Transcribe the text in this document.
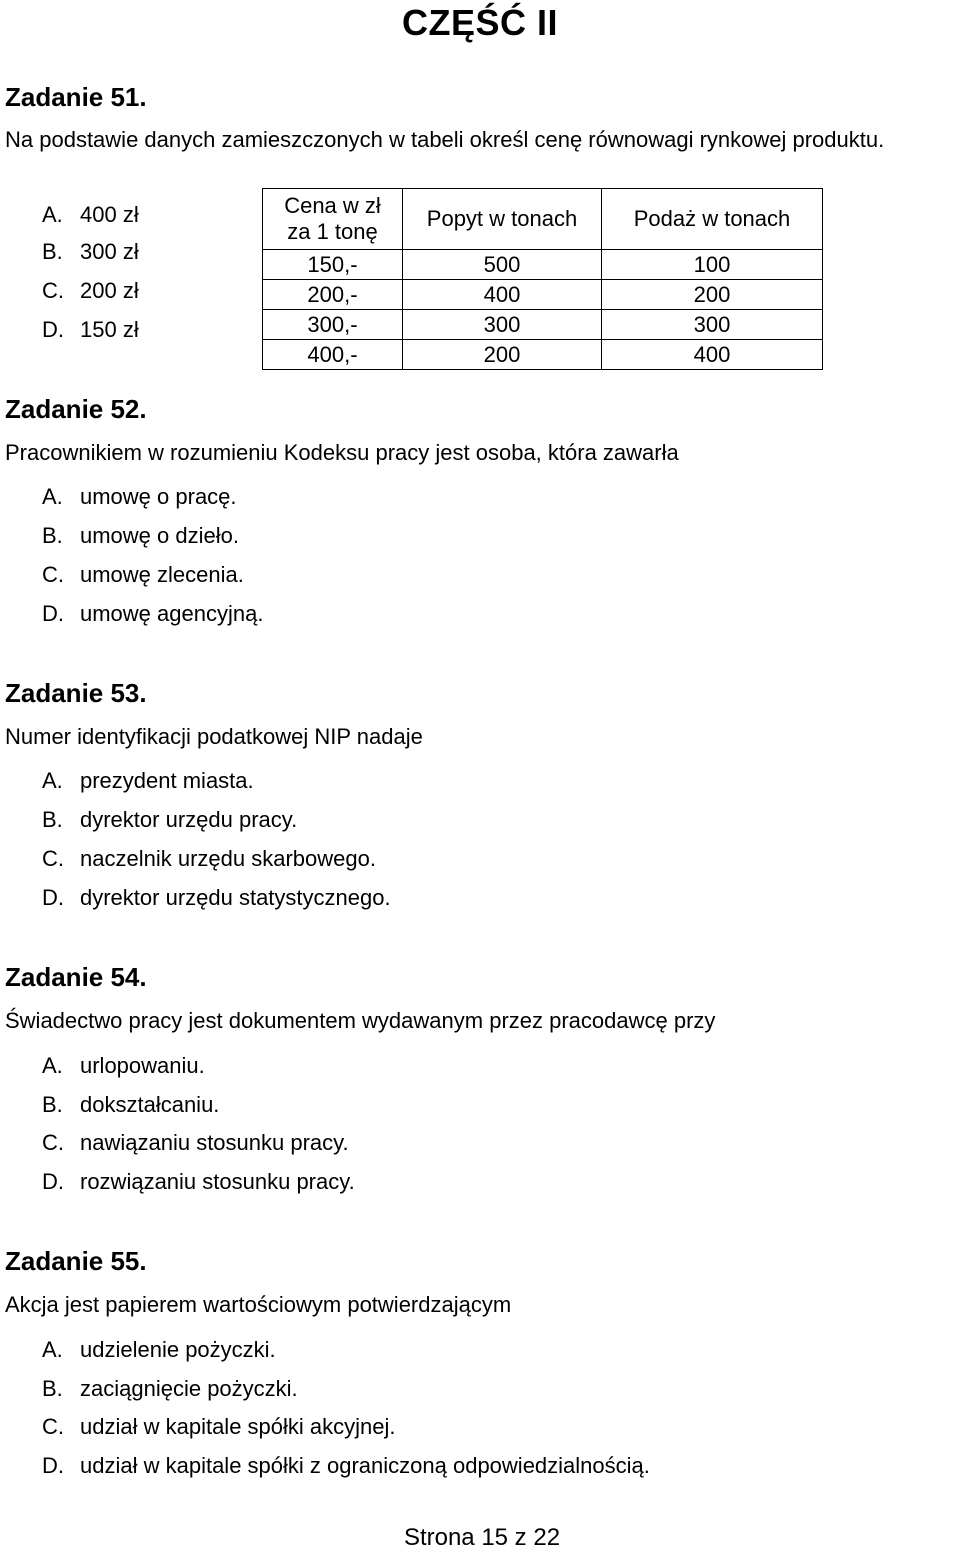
CZĘŚĆ II
Zadanie 51.
Na podstawie danych zamieszczonych w tabeli określ cenę równowagi rynkowej produktu.
A. 400 zł
B. 300 zł
C. 200 zł
D. 150 zł
Cena w zł
za 1 tonę	Popyt w tonach	Podaż w tonach
150,-	500	100
200,-	400	200
300,-	300	300
400,-	200	400
Zadanie 52.
Pracownikiem w rozumieniu Kodeksu pracy jest osoba, która zawarła
A. umowę o pracę.
B. umowę o dzieło.
C. umowę zlecenia.
D. umowę agencyjną.
Zadanie 53.
Numer identyfikacji podatkowej NIP nadaje
A. prezydent miasta.
B. dyrektor urzędu pracy.
C. naczelnik urzędu skarbowego.
D. dyrektor urzędu statystycznego.
Zadanie 54.
Świadectwo pracy jest dokumentem wydawanym przez pracodawcę przy
A. urlopowaniu.
B. dokształcaniu.
C. nawiązaniu stosunku pracy.
D. rozwiązaniu stosunku pracy.
Zadanie 55.
Akcja jest papierem wartościowym potwierdzającym
A. udzielenie pożyczki.
B. zaciągnięcie pożyczki.
C. udział w kapitale spółki akcyjnej.
D. udział w kapitale spółki z ograniczoną odpowiedzialnością.
Strona 15 z 22
